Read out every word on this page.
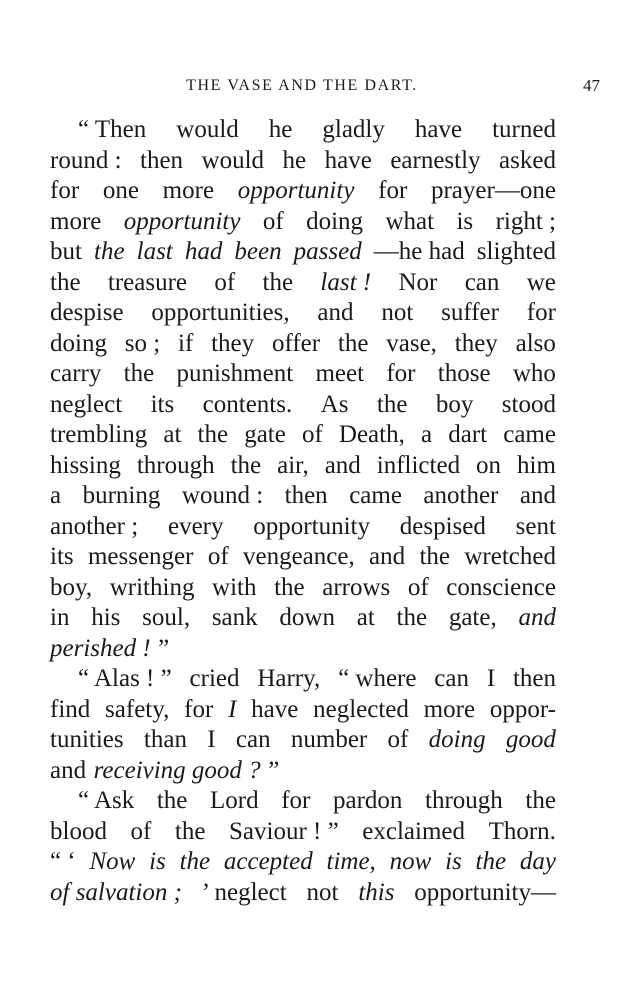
THE VASE AND THE DART.	47
“ Then would he gladly have turned
round : then would he have earnestly asked
for one more opportunity for prayer—one
more opportunity of doing what is right ;
but the last had been passed —he had slighted
the treasure of the last ! Nor can we
despise opportunities, and not suffer for
doing so ; if they offer the vase, they also
carry the punishment meet for those who
neglect its contents. As the boy stood
trembling at the gate of Death, a dart came
hissing through the air, and inflicted on him
a burning wound : then came another and
another ; every opportunity despised sent
its messenger of vengeance, and the wretched
boy, writhing with the arrows of conscience
in his soul, sank down at the gate, and
perished ! ”
“ Alas ! ” cried Harry, “ where can I then
find safety, for I have neglected more oppor-
tunities than I can number of doing good
and receiving good ? ”
“ Ask the Lord for pardon through the
blood of the Saviour ! ” exclaimed Thorn.
“ ‘ Now is the accepted time, now is the day
of salvation ; ’ neglect not this opportunity—
